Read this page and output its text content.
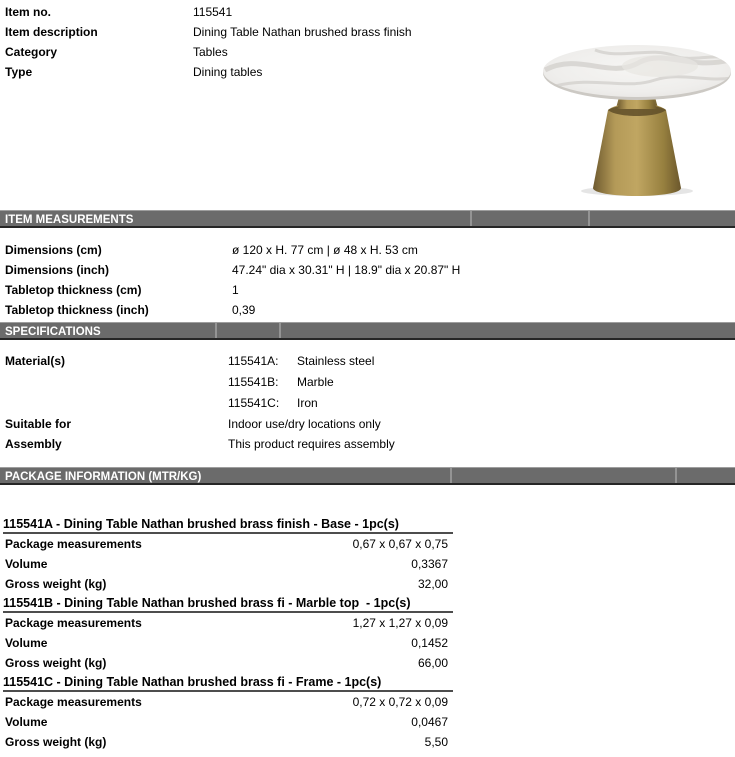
Item no.	115541
Item description	Dining Table Nathan brushed brass finish
Category	Tables
Type	Dining tables
ITEM MEASUREMENTS
Dimensions (cm)	ø 120 x H. 77 cm | ø 48 x H. 53 cm
Dimensions (inch)	47.24" dia x 30.31" H | 18.9" dia x 20.87" H
Tabletop thickness (cm)	1
Tabletop thickness (inch)	0,39
SPECIFICATIONS
Material(s)	115541A:	Stainless steel
115541B:	Marble
115541C:	Iron
Suitable for	Indoor use/dry locations only
Assembly	This product requires assembly
PACKAGE INFORMATION (MTR/KG)
115541A - Dining Table Nathan brushed brass finish - Base - 1pc(s)
Package measurements	0,67 x 0,67 x 0,75
Volume	0,3367
Gross weight (kg)	32,00
115541B - Dining Table Nathan brushed brass fi - Marble top  - 1pc(s)
Package measurements	1,27 x 1,27 x 0,09
Volume	0,1452
Gross weight (kg)	66,00
115541C - Dining Table Nathan brushed brass fi - Frame - 1pc(s)
Package measurements	0,72 x 0,72 x 0,09
Volume	0,0467
Gross weight (kg)	5,50
